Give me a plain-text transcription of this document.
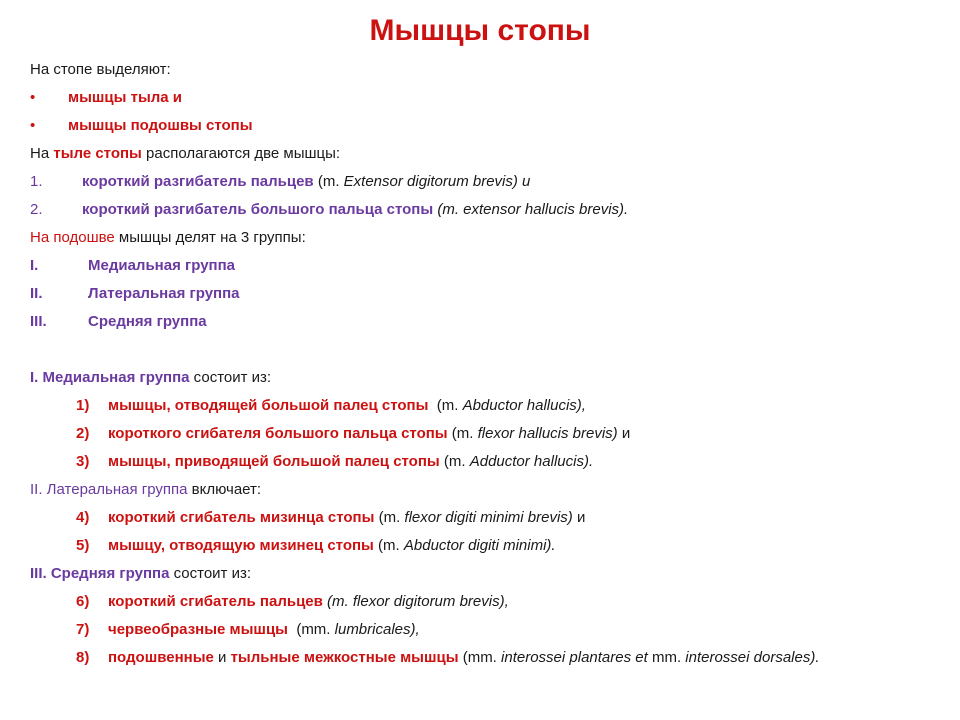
Мышцы стопы
На стопе выделяют:
• мышцы тыла и
• мышцы подошвы стопы
На тыле стопы располагаются две мышцы:
1.	короткий разгибатель пальцев (m. Extensor digitorum brevis) и
2.	короткий разгибатель большого пальца стопы (m. extensor hallucis brevis).
На подошве мышцы делят на 3 группы:
I.	Медиальная группа
II.	Латеральная группа
III.	Средняя группа
I. Медиальная группа состоит из:
1) мышцы, отводящей большой палец стопы  (m. Abductor hallucis),
2) короткого сгибателя большого пальца стопы (m. flexor hallucis brevis) и
3) мышцы, приводящей большой палец стопы (m. Adductor hallucis).
II. Латеральная группа включает:
4) короткий сгибатель мизинца стопы (m. flexor digiti minimi brevis) и
5) мышцу, отводящую мизинец стопы (m. Abductor digiti minimi).
III. Средняя группа состоит из:
6) короткий сгибатель пальцев (m. flexor digitorum brevis),
7) червеобразные мышцы  (mm. lumbricales),
8)	подошвенные и тыльные межкостные мышцы (mm. interossei plantares et mm. interossei dorsales).
